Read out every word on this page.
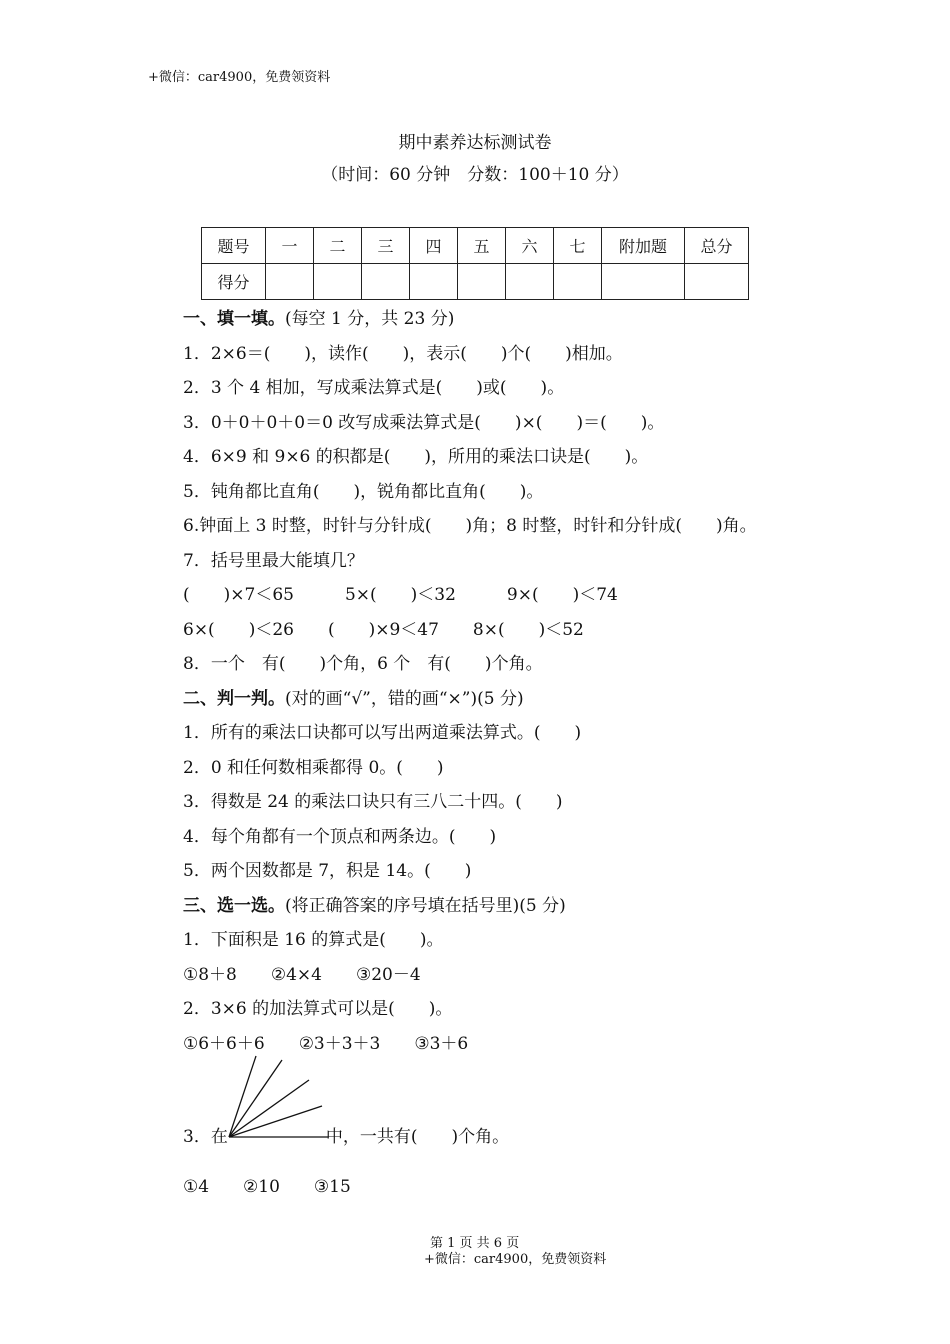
+微信：car4900，免费领资料
期中素养达标测试卷
（时间：60 分钟　分数：100＋10 分）
题号	一	二	三	四	五	六	七	附加题	总分
得分									
一、填一填。(每空 1 分，共 23 分)
1．2×6＝(　　)，读作(　　)，表示(　　)个(　　)相加。
2．3 个 4 相加，写成乘法算式是(　　)或(　　)。
3．0＋0＋0＋0＝0 改写成乘法算式是(　　)×(　　)＝(　　)。
4．6×9 和 9×6 的积都是(　　)，所用的乘法口诀是(　　)。
5．钝角都比直角(　　)，锐角都比直角(　　)。
6.钟面上 3 时整，时针与分针成(　　)角；8 时整，时针和分针成(　　)角。
7．括号里最大能填几？
(　　)×7＜65　　　5×(　　)＜32　　　9×(　　)＜74
6×(　　)＜26　　(　　)×9＜47　　8×(　　)＜52
8．一个　有(　　)个角，6 个　有(　　)个角。
二、判一判。(对的画“√”，错的画“×”)(5 分)
1．所有的乘法口诀都可以写出两道乘法算式。(　　)
2．0 和任何数相乘都得 0。(　　)
3．得数是 24 的乘法口诀只有三八二十四。(　　)
4．每个角都有一个顶点和两条边。(　　)
5．两个因数都是 7，积是 14。(　　)
三、选一选。(将正确答案的序号填在括号里)(5 分)
1．下面积是 16 的算式是(　　)。
①8＋8　　②4×4　　③20－4
2．3×6 的加法算式可以是(　　)。
①6＋6＋6　　②3＋3＋3　　③3＋6
3．在	中，一共有(　　)个角。
①4　　②10　　③15
第 1 页 共 6 页
+微信：car4900，免费领资料
